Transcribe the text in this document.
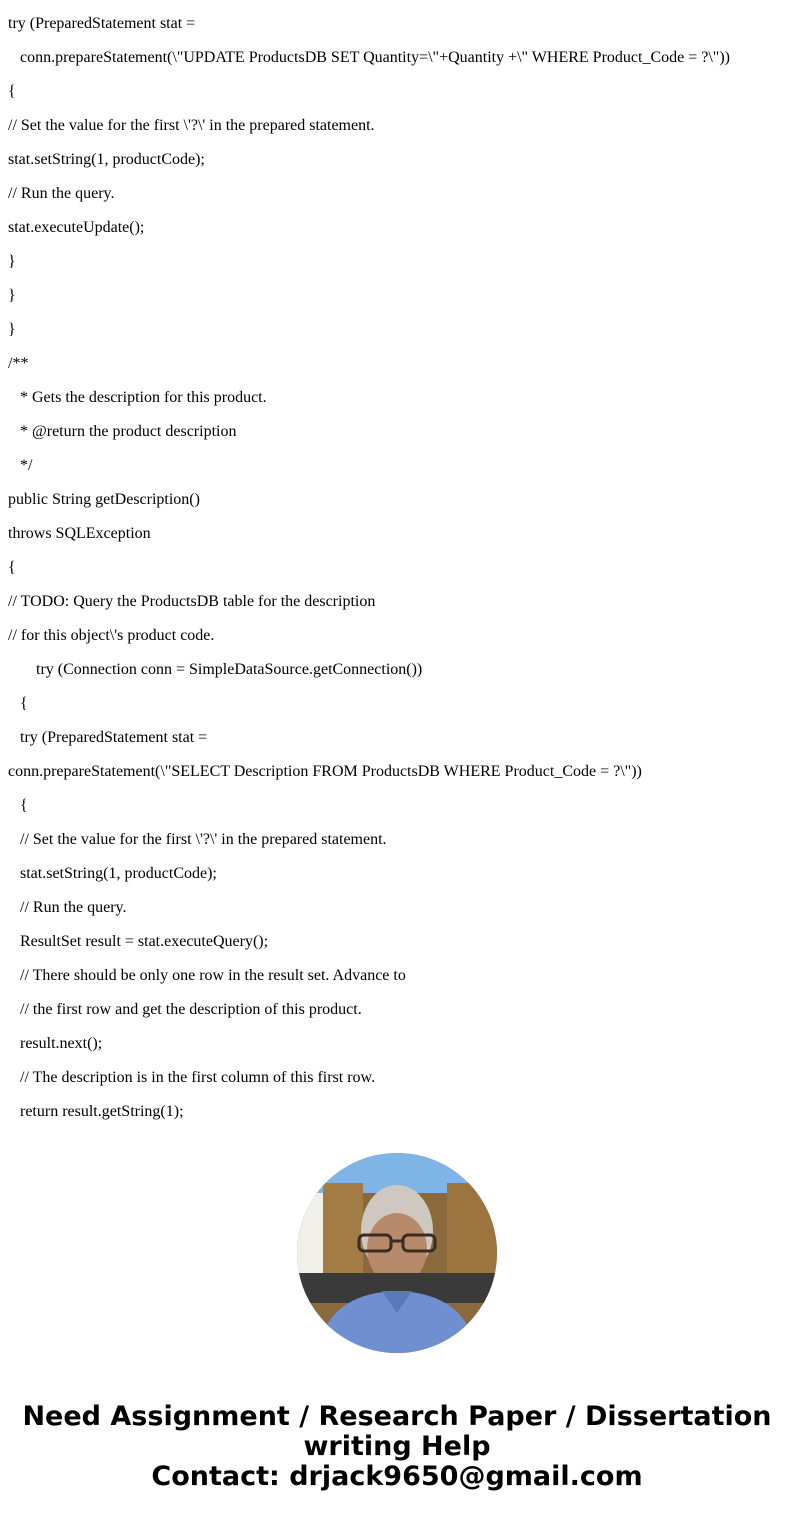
try (PreparedStatement stat =
conn.prepareStatement(\"UPDATE ProductsDB SET Quantity=\"+Quantity +\" WHERE Product_Code = ?\"))
{
// Set the value for the first \'?\' in the prepared statement.
stat.setString(1, productCode);
// Run the query.
stat.executeUpdate();
}
}
}
/**
* Gets the description for this product.
* @return the product description
*/
public String getDescription()
throws SQLException
{
// TODO: Query the ProductsDB table for the description
// for this object\'s product code.
try (Connection conn = SimpleDataSource.getConnection())
{
try (PreparedStatement stat =
conn.prepareStatement(\"SELECT Description FROM ProductsDB WHERE Product_Code = ?\"))
{
// Set the value for the first \'?\' in the prepared statement.
stat.setString(1, productCode);
// Run the query.
ResultSet result = stat.executeQuery();
// There should be only one row in the result set. Advance to
// the first row and get the description of this product.
result.next();
// The description is in the first column of this first row.
return result.getString(1);
Need Assignment / Research Paper / Dissertation
writing Help
Contact: drjack9650@gmail.com
